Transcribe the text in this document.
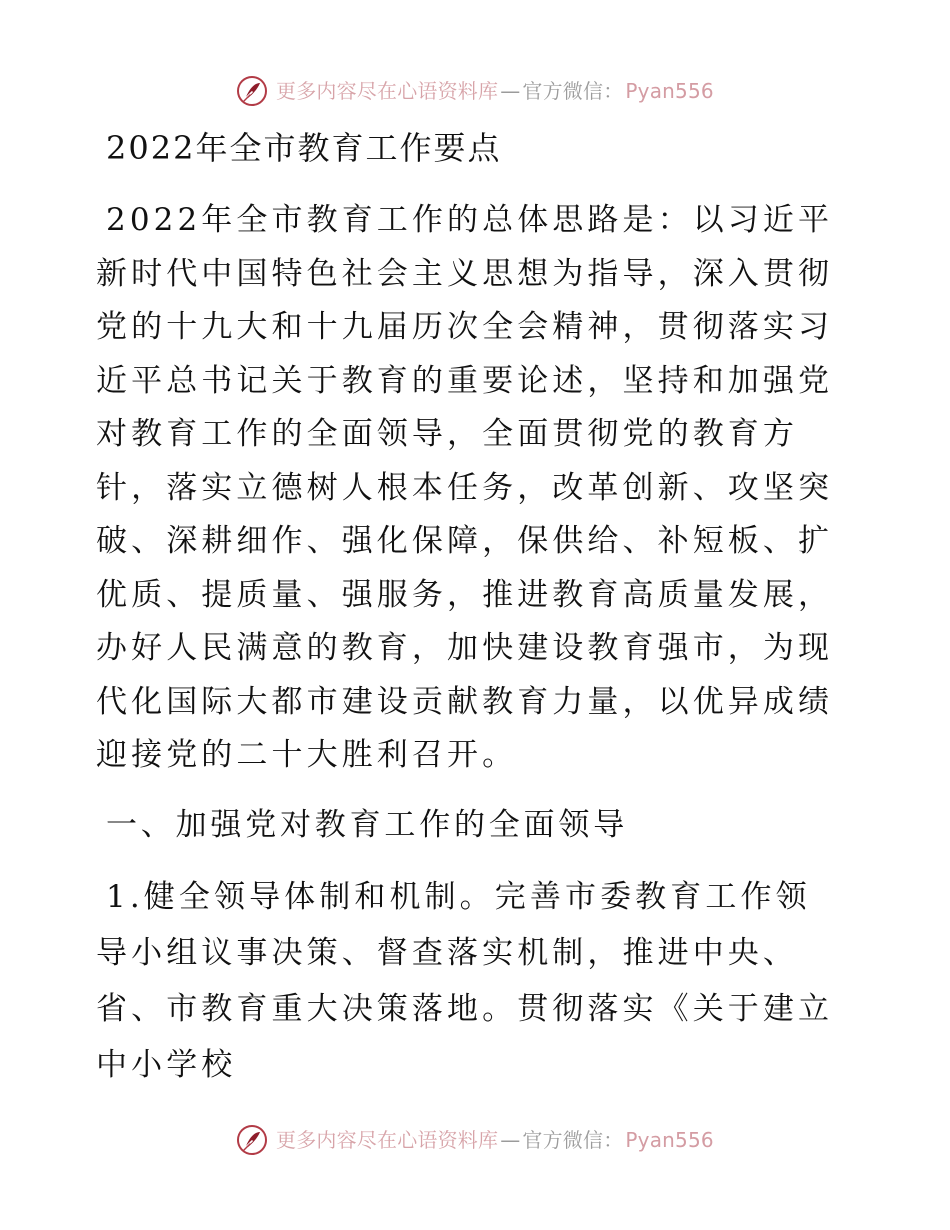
更多内容尽在心语资料库 — 官方微信： Pyan556
2022年全市教育工作要点

2022年全市教育工作的总体思路是：以习近平新时代中国特色社会主义思想为指导，深入贯彻党的十九大和十九届历次全会精神，贯彻落实习近平总书记关于教育的重要论述，坚持和加强党对教育工作的全面领导，全面贯彻党的教育方针，落实立德树人根本任务，改革创新、攻坚突破、深耕细作、强化保障，保供给、补短板、扩优质、提质量、强服务，推进教育高质量发展，办好人民满意的教育，加快建设教育强市，为现代化国际大都市建设贡献教育力量，以优异成绩迎接党的二十大胜利召开。

一、加强党对教育工作的全面领导

1.健全领导体制和机制。完善市委教育工作领导小组议事决策、督查落实机制，推进中央、省、市教育重大决策落地。贯彻落实《关于建立中小学校

更多内容尽在心语资料库 — 官方微信： Pyan556
